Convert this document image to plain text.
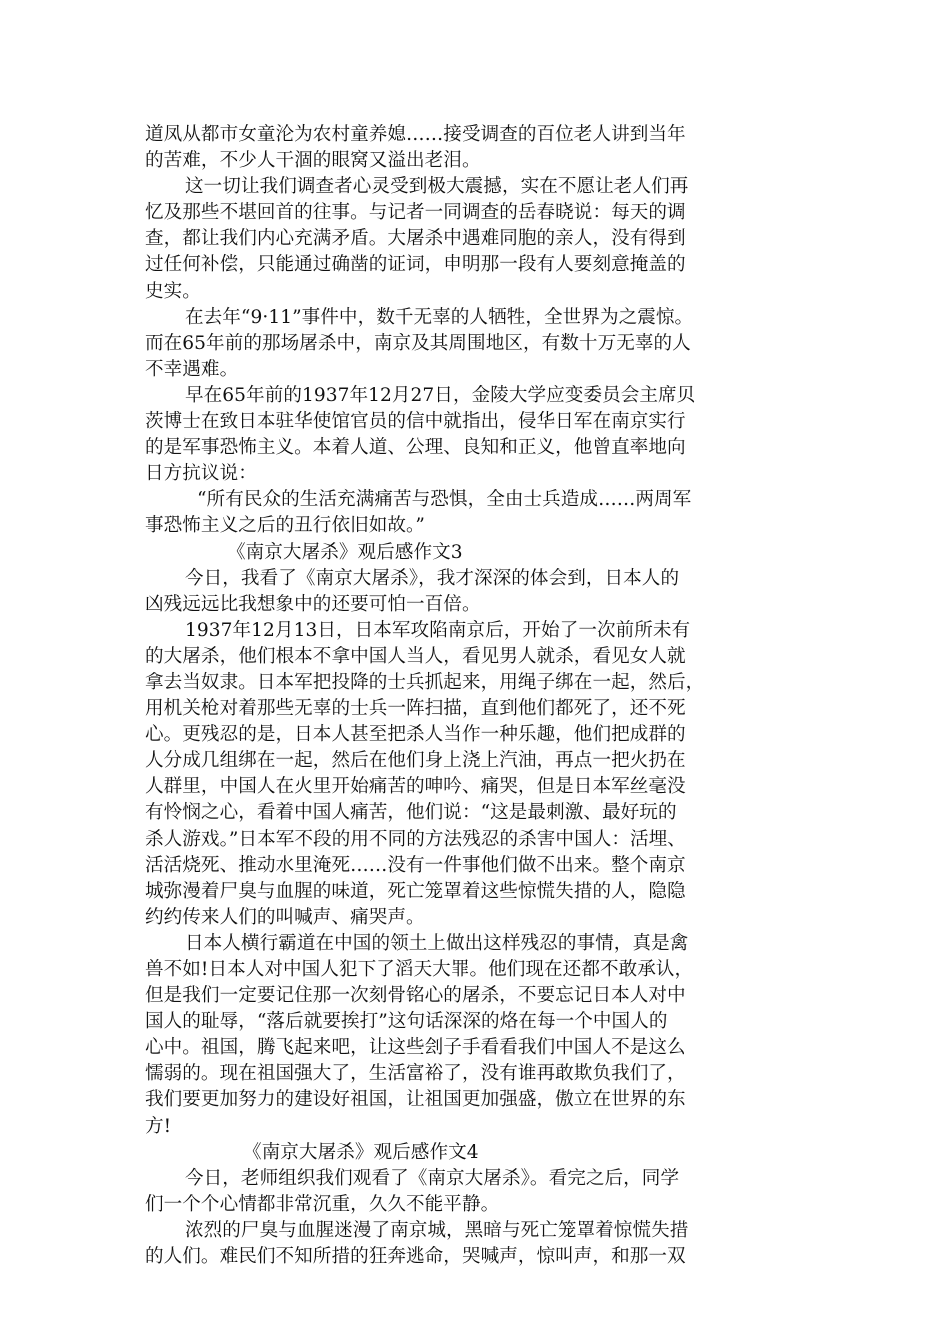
道凤从都市女童沦为农村童养媳……接受调查的百位老人讲到当年
的苦难，不少人干涸的眼窝又溢出老泪。
这一切让我们调查者心灵受到极大震撼，实在不愿让老人们再
忆及那些不堪回首的往事。与记者一同调查的岳春晓说：每天的调
查，都让我们内心充满矛盾。大屠杀中遇难同胞的亲人，没有得到
过任何补偿，只能通过确凿的证词，申明那一段有人要刻意掩盖的
史实。
在去年“9·11”事件中，数千无辜的人牺牲，全世界为之震惊。
而在65年前的那场屠杀中，南京及其周围地区，有数十万无辜的人
不幸遇难。
早在65年前的1937年12月27日，金陵大学应变委员会主席贝
茨博士在致日本驻华使馆官员的信中就指出，侵华日军在南京实行
的是军事恐怖主义。本着人道、公理、良知和正义，他曾直率地向
日方抗议说：
“所有民众的生活充满痛苦与恐惧，全由士兵造成……两周军
事恐怖主义之后的丑行依旧如故。”
《南京大屠杀》观后感作文3
今日，我看了《南京大屠杀》，我才深深的体会到，日本人的
凶残远远比我想象中的还要可怕一百倍。
1937年12月13日，日本军攻陷南京后，开始了一次前所未有
的大屠杀，他们根本不拿中国人当人，看见男人就杀，看见女人就
拿去当奴隶。日本军把投降的士兵抓起来，用绳子绑在一起，然后，
用机关枪对着那些无辜的士兵一阵扫描，直到他们都死了，还不死
心。更残忍的是，日本人甚至把杀人当作一种乐趣，他们把成群的
人分成几组绑在一起，然后在他们身上浇上汽油，再点一把火扔在
人群里，中国人在火里开始痛苦的呻吟、痛哭，但是日本军丝毫没
有怜悯之心，看着中国人痛苦，他们说：“这是最刺激、最好玩的
杀人游戏。”日本军不段的用不同的方法残忍的杀害中国人：活埋、
活活烧死、推动水里淹死……没有一件事他们做不出来。整个南京
城弥漫着尸臭与血腥的味道，死亡笼罩着这些惊慌失措的人，隐隐
约约传来人们的叫喊声、痛哭声。
日本人横行霸道在中国的领土上做出这样残忍的事情，真是禽
兽不如!日本人对中国人犯下了滔天大罪。他们现在还都不敢承认，
但是我们一定要记住那一次刻骨铭心的屠杀，不要忘记日本人对中
国人的耻辱，“落后就要挨打”这句话深深的烙在每一个中国人的
心中。祖国，腾飞起来吧，让这些刽子手看看我们中国人不是这么
懦弱的。现在祖国强大了，生活富裕了，没有谁再敢欺负我们了，
我们要更加努力的建设好祖国，让祖国更加强盛，傲立在世界的东
方!
《南京大屠杀》观后感作文4
今日，老师组织我们观看了《南京大屠杀》。看完之后，同学
们一个个心情都非常沉重，久久不能平静。
浓烈的尸臭与血腥迷漫了南京城，黑暗与死亡笼罩着惊慌失措
的人们。难民们不知所措的狂奔逃命，哭喊声，惊叫声，和那一双
